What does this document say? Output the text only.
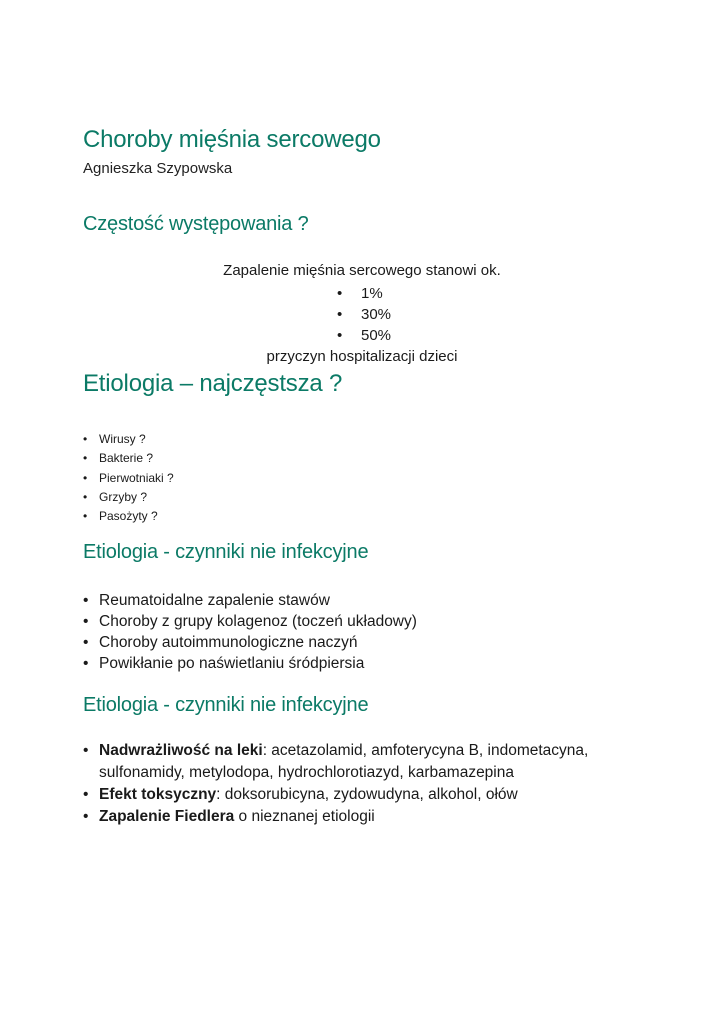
Choroby mięśnia sercowego
Agnieszka Szypowska
Częstość występowania ?
Zapalenie mięśnia sercowego stanowi ok.
• 1%
• 30%
• 50%
przyczyn hospitalizacji dzieci
Etiologia – najczęstsza ?
• Wirusy ?
• Bakterie ?
• Pierwotniaki ?
• Grzyby ?
• Pasożyty ?
Etiologia - czynniki nie infekcyjne
• Reumatoidalne zapalenie stawów
• Choroby z grupy kolagenoz (toczeń układowy)
• Choroby autoimmunologiczne naczyń
• Powikłanie po naświetlaniu śródpiersia
Etiologia - czynniki nie infekcyjne
• Nadwrażliwość na leki: acetazolamid, amfoterycyna B, indometacyna,
sulfonamidy, metylodopa, hydrochlorotiazyd, karbamazepina
• Efekt toksyczny: doksorubicyna, zydowudyna, alkohol, ołów
• Zapalenie Fiedlera o nieznanej etiologii
